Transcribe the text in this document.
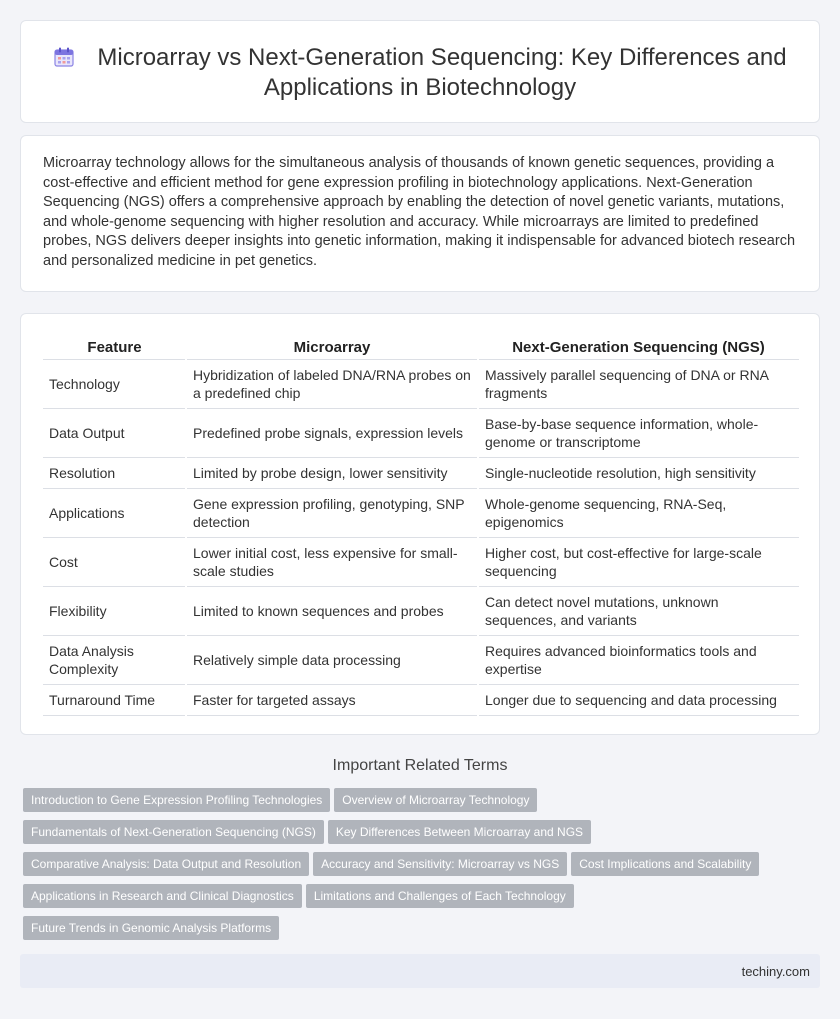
Microarray vs Next-Generation Sequencing: Key Differences and Applications in Biotechnology

Microarray technology allows for the simultaneous analysis of thousands of known genetic sequences, providing a cost-effective and efficient method for gene expression profiling in biotechnology applications. Next-Generation Sequencing (NGS) offers a comprehensive approach by enabling the detection of novel genetic variants, mutations, and whole-genome sequencing with higher resolution and accuracy. While microarrays are limited to predefined probes, NGS delivers deeper insights into genetic information, making it indispensable for advanced biotech research and personalized medicine in pet genetics.

Feature	Microarray	Next-Generation Sequencing (NGS)
Technology	Hybridization of labeled DNA/RNA probes on a predefined chip	Massively parallel sequencing of DNA or RNA fragments
Data Output	Predefined probe signals, expression levels	Base-by-base sequence information, whole-genome or transcriptome
Resolution	Limited by probe design, lower sensitivity	Single-nucleotide resolution, high sensitivity
Applications	Gene expression profiling, genotyping, SNP detection	Whole-genome sequencing, RNA-Seq, epigenomics
Cost	Lower initial cost, less expensive for small-scale studies	Higher cost, but cost-effective for large-scale sequencing
Flexibility	Limited to known sequences and probes	Can detect novel mutations, unknown sequences, and variants
Data Analysis Complexity	Relatively simple data processing	Requires advanced bioinformatics tools and expertise
Turnaround Time	Faster for targeted assays	Longer due to sequencing and data processing
Important Related Terms
Introduction to Gene Expression Profiling Technologies Overview of Microarray Technology
Fundamentals of Next-Generation Sequencing (NGS) Key Differences Between Microarray and NGS
Comparative Analysis: Data Output and Resolution Accuracy and Sensitivity: Microarray vs NGS Cost Implications and Scalability
Applications in Research and Clinical Diagnostics Limitations and Challenges of Each Technology
Future Trends in Genomic Analysis Platforms
techiny.com
